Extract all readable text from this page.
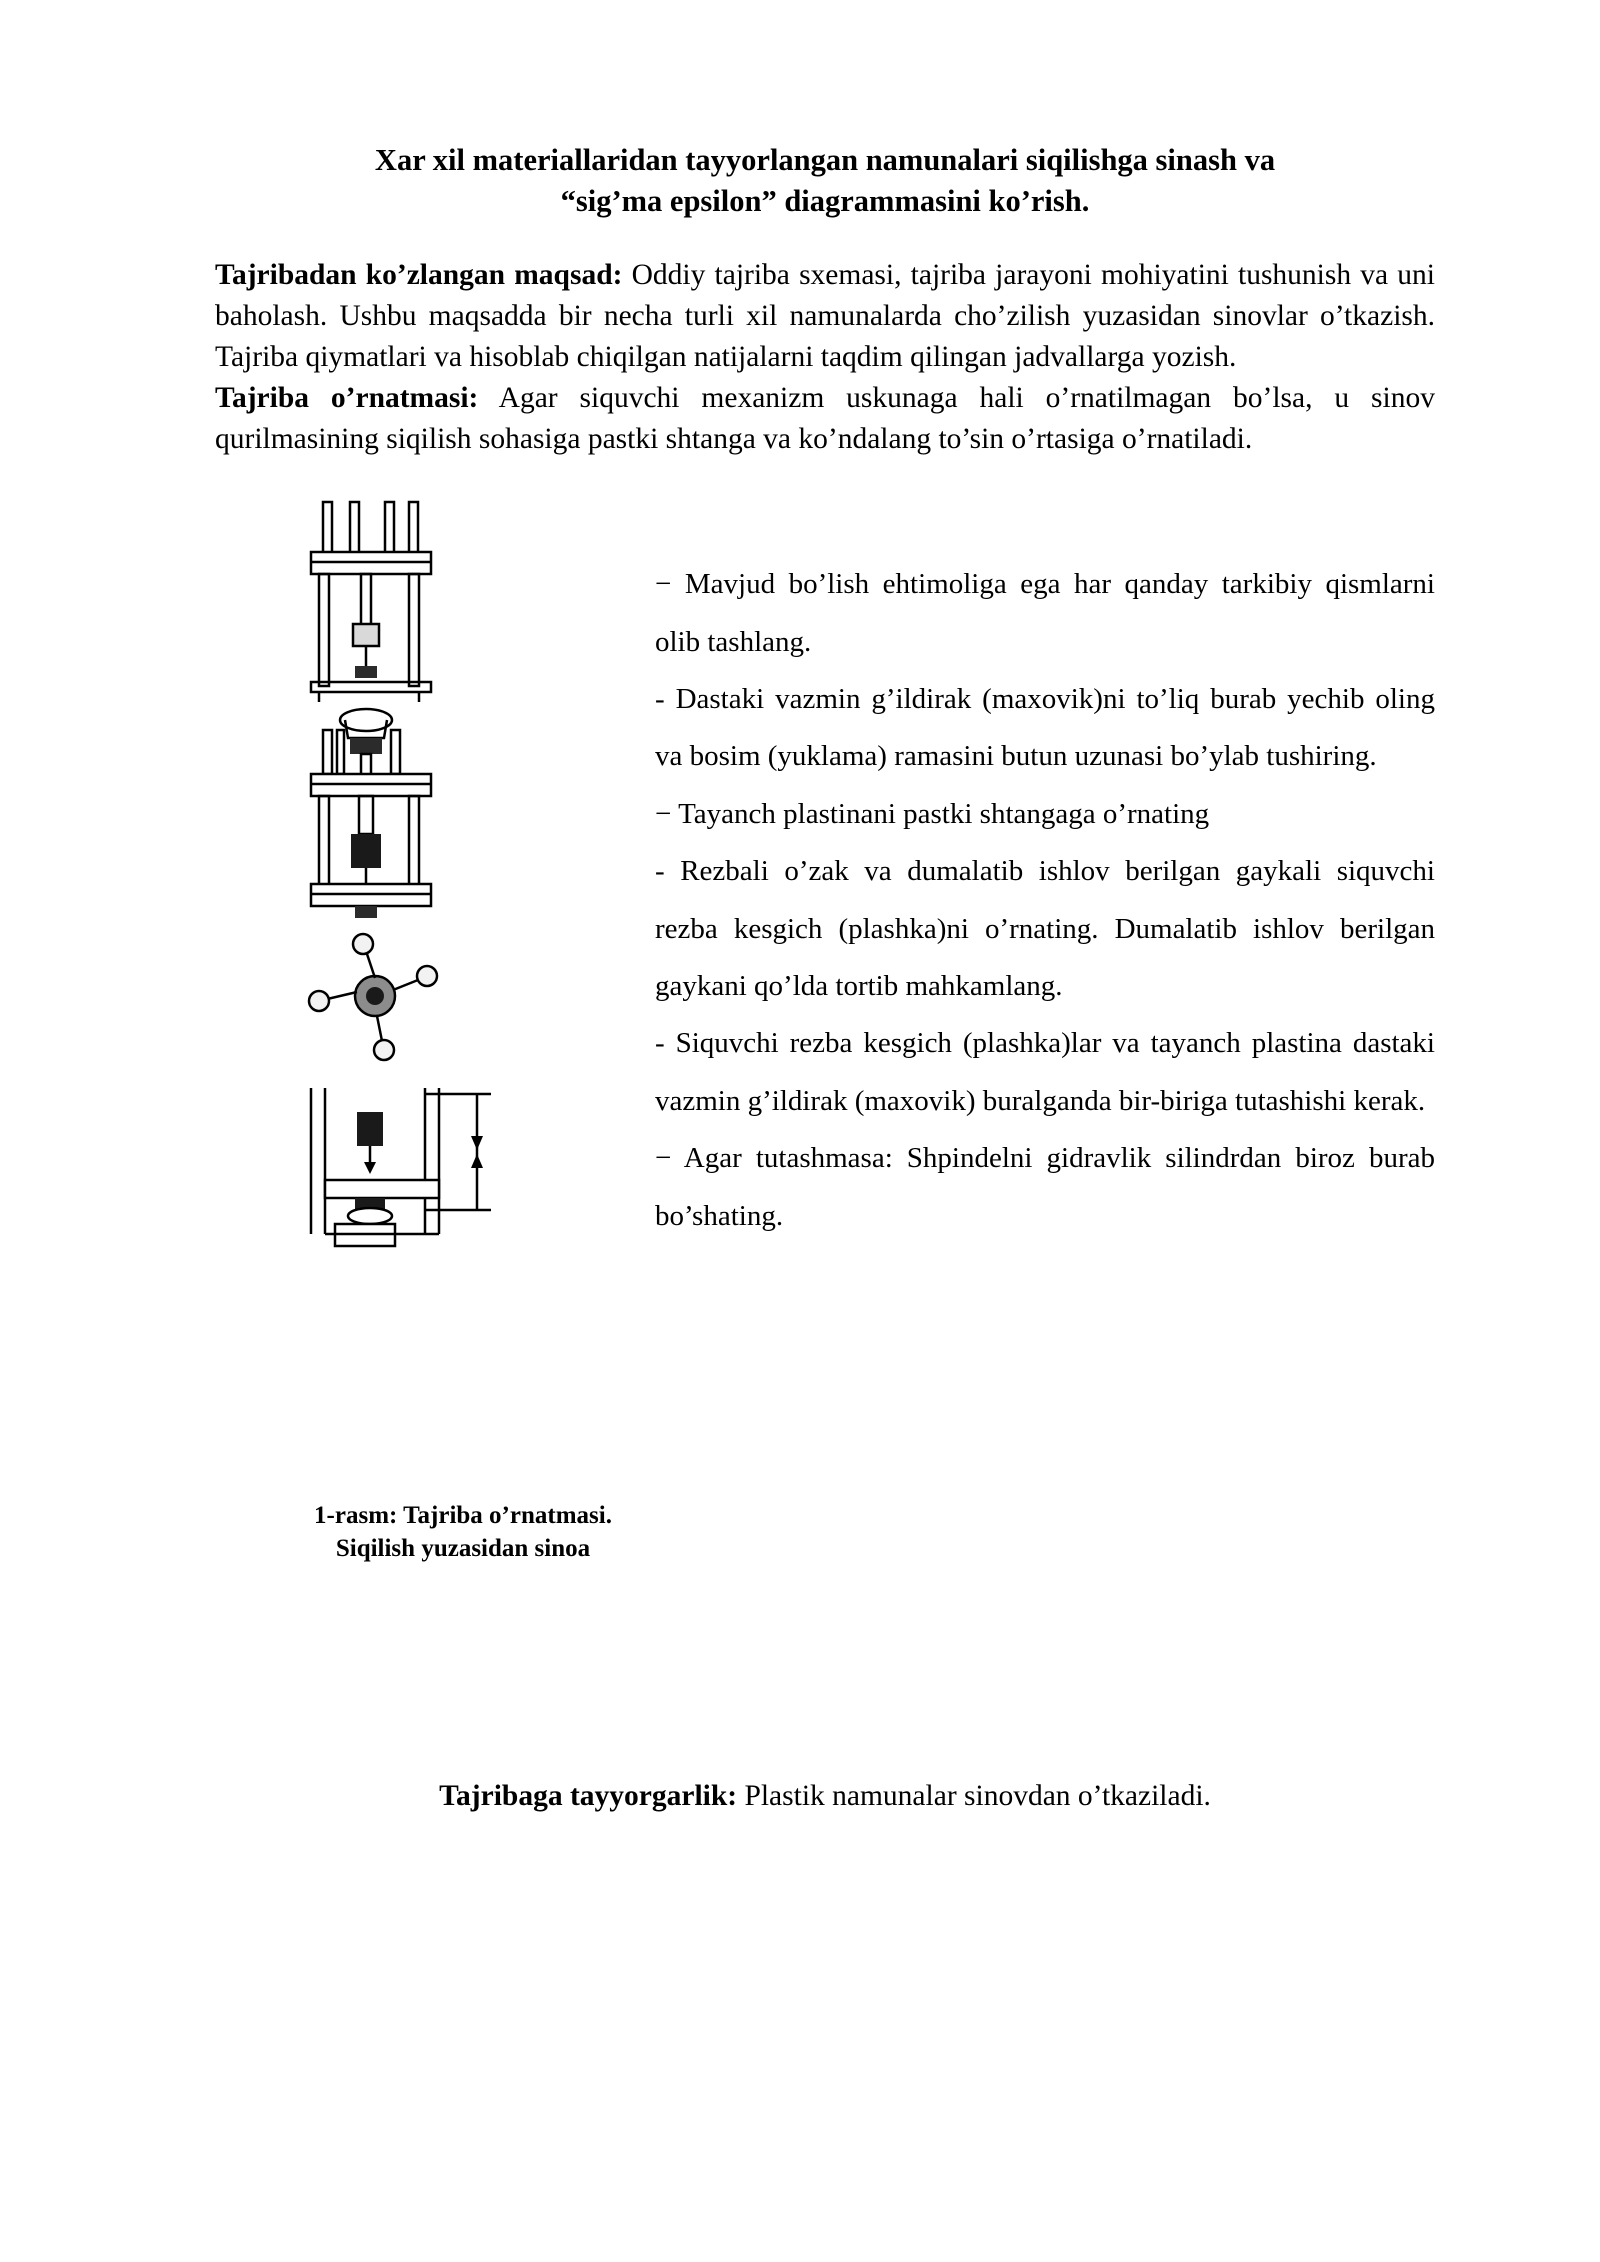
Xar xil materiallaridan tayyorlangan namunalari siqilishga sinash va
“sig’ma epsilon” diagrammasini ko’rish.

Tajribadan ko’zlangan maqsad: Oddiy tajriba sxemasi, tajriba jarayoni mohiyatini tushunish va uni baholash. Ushbu maqsadda bir necha turli xil namunalarda cho’zilish yuzasidan sinovlar o’tkazish. Tajriba qiymatlari va hisoblab chiqilgan natijalarni taqdim qilingan jadvallarga yozish.

Tajriba o’rnatmasi: Agar siquvchi mexanizm uskunaga hali o’rnatilmagan bo’lsa, u sinov qurilmasining siqilish sohasiga pastki shtanga va ko’ndalang to’sin o’rtasiga o’rnatiladi.

1-rasm: Tajriba o’rnatmasi.
Siqilish yuzasidan sinoa

− Mavjud bo’lish ehtimoliga ega har qanday tarkibiy qismlarni olib tashlang.

- Dastaki vazmin g’ildirak (maxovik)ni to’liq burab yechib oling va bosim (yuklama) ramasini butun uzunasi bo’ylab tushiring.

− Tayanch plastinani pastki shtangaga o’rnating

- Rezbali o’zak va dumalatib ishlov berilgan gaykali siquvchi rezba kesgich (plashka)ni o’rnating. Dumalatib ishlov berilgan gaykani qo’lda tortib mahkamlang.

- Siquvchi rezba kesgich (plashka)lar va tayanch plastina dastaki vazmin g’ildirak (maxovik) buralganda bir-biriga tutashishi kerak.

− Agar tutashmasa: Shpindelni gidravlik silindrdan biroz burab bo’shating.

Tajribaga tayyorgarlik: Plastik namunalar sinovdan o’tkaziladi.
